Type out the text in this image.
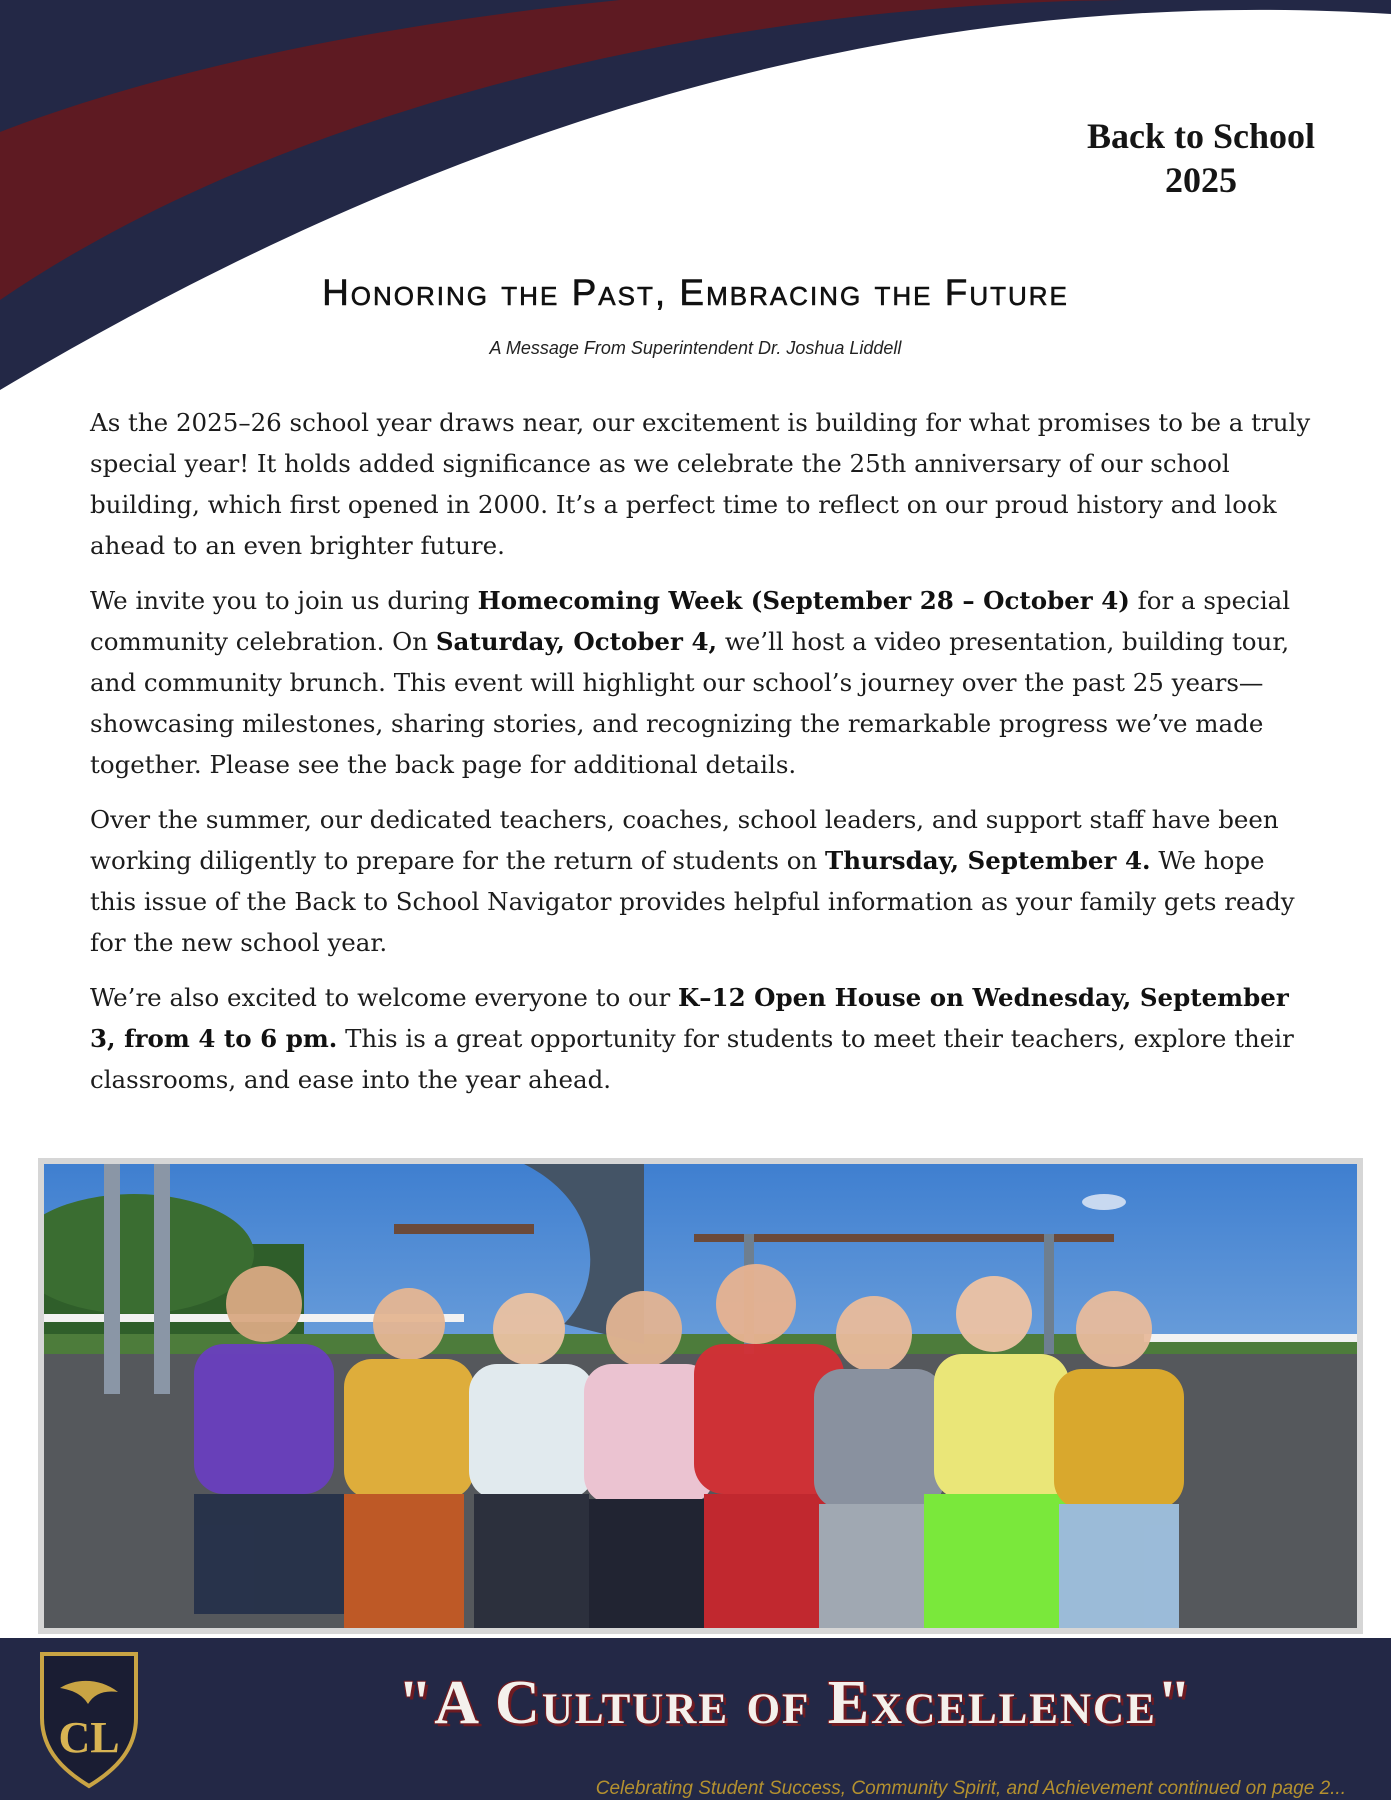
Back to School
2025
Honoring the Past, Embracing the Future
A Message From Superintendent Dr. Joshua Liddell

As the 2025–26 school year draws near, our excitement is building for what promises to be a truly special year! It holds added significance as we celebrate the 25th anniversary of our school building, which first opened in 2000. It’s a perfect time to reflect on our proud history and look ahead to an even brighter future.

We invite you to join us during Homecoming Week (September 28 – October 4) for a special community celebration. On Saturday, October 4, we’ll host a video presentation, building tour, and community brunch. This event will highlight our school’s journey over the past 25 years—showcasing milestones, sharing stories, and recognizing the remarkable progress we’ve made together. Please see the back page for additional details.

Over the summer, our dedicated teachers, coaches, school leaders, and support staff have been working diligently to prepare for the return of students on Thursday, September 4. We hope this issue of the Back to School Navigator provides helpful information as your family gets ready for the new school year.

We’re also excited to welcome everyone to our K–12 Open House on Wednesday, September 3, from 4 to 6 pm. This is a great opportunity for students to meet their teachers, explore their classrooms, and ease into the year ahead.

CL
"A Culture of Excellence"
Celebrating Student Success, Community Spirit, and Achievement continued on page 2...
